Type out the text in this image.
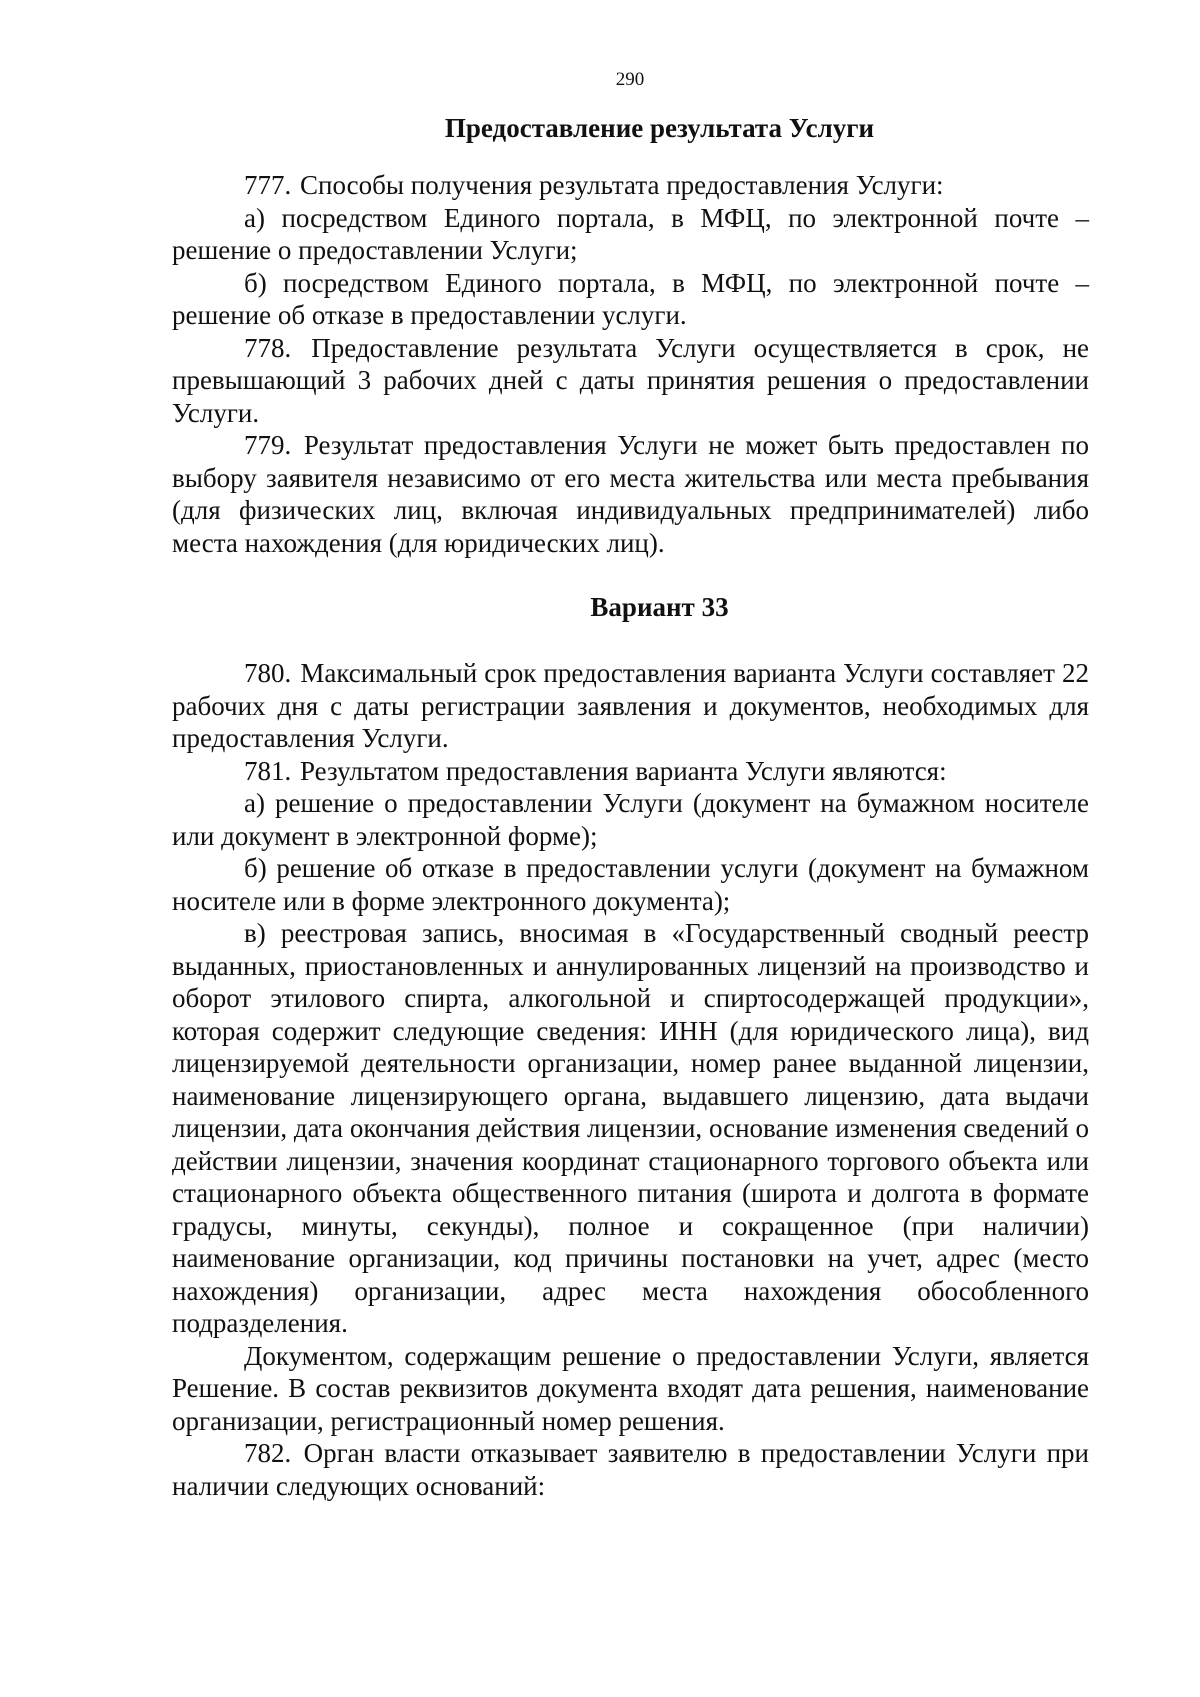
290
Предоставление результата Услуги

777. Способы получения результата предоставления Услуги:

а) посредством Единого портала, в МФЦ, по электронной почте – решение о предоставлении Услуги;

б) посредством Единого портала, в МФЦ, по электронной почте – решение об отказе в предоставлении услуги.

778. Предоставление результата Услуги осуществляется в срок, не превышающий 3 рабочих дней с даты принятия решения о предоставлении Услуги.

779. Результат предоставления Услуги не может быть предоставлен по выбору заявителя независимо от его места жительства или места пребывания (для физических лиц, включая индивидуальных предпринимателей) либо места нахождения (для юридических лиц).

Вариант 33

780. Максимальный срок предоставления варианта Услуги составляет 22 рабочих дня с даты регистрации заявления и документов, необходимых для предоставления Услуги.

781. Результатом предоставления варианта Услуги являются:

а) решение о предоставлении Услуги (документ на бумажном носителе или документ в электронной форме);

б) решение об отказе в предоставлении услуги (документ на бумажном носителе или в форме электронного документа);

в) реестровая запись, вносимая в «Государственный сводный реестр выданных, приостановленных и аннулированных лицензий на производство и оборот этилового спирта, алкогольной и спиртосодержащей продукции», которая содержит следующие сведения: ИНН (для юридического лица), вид лицензируемой деятельности организации, номер ранее выданной лицензии, наименование лицензирующего органа, выдавшего лицензию, дата выдачи лицензии, дата окончания действия лицензии, основание изменения сведений о действии лицензии, значения координат стационарного торгового объекта или стационарного объекта общественного питания (широта и долгота в формате градусы, минуты, секунды), полное и сокращенное (при наличии) наименование организации, код причины постановки на учет, адрес (место нахождения) организации, адрес места нахождения обособленного подразделения.

Документом, содержащим решение о предоставлении Услуги, является Решение. В состав реквизитов документа входят дата решения, наименование организации, регистрационный номер решения.

782. Орган власти отказывает заявителю в предоставлении Услуги при наличии следующих оснований:
